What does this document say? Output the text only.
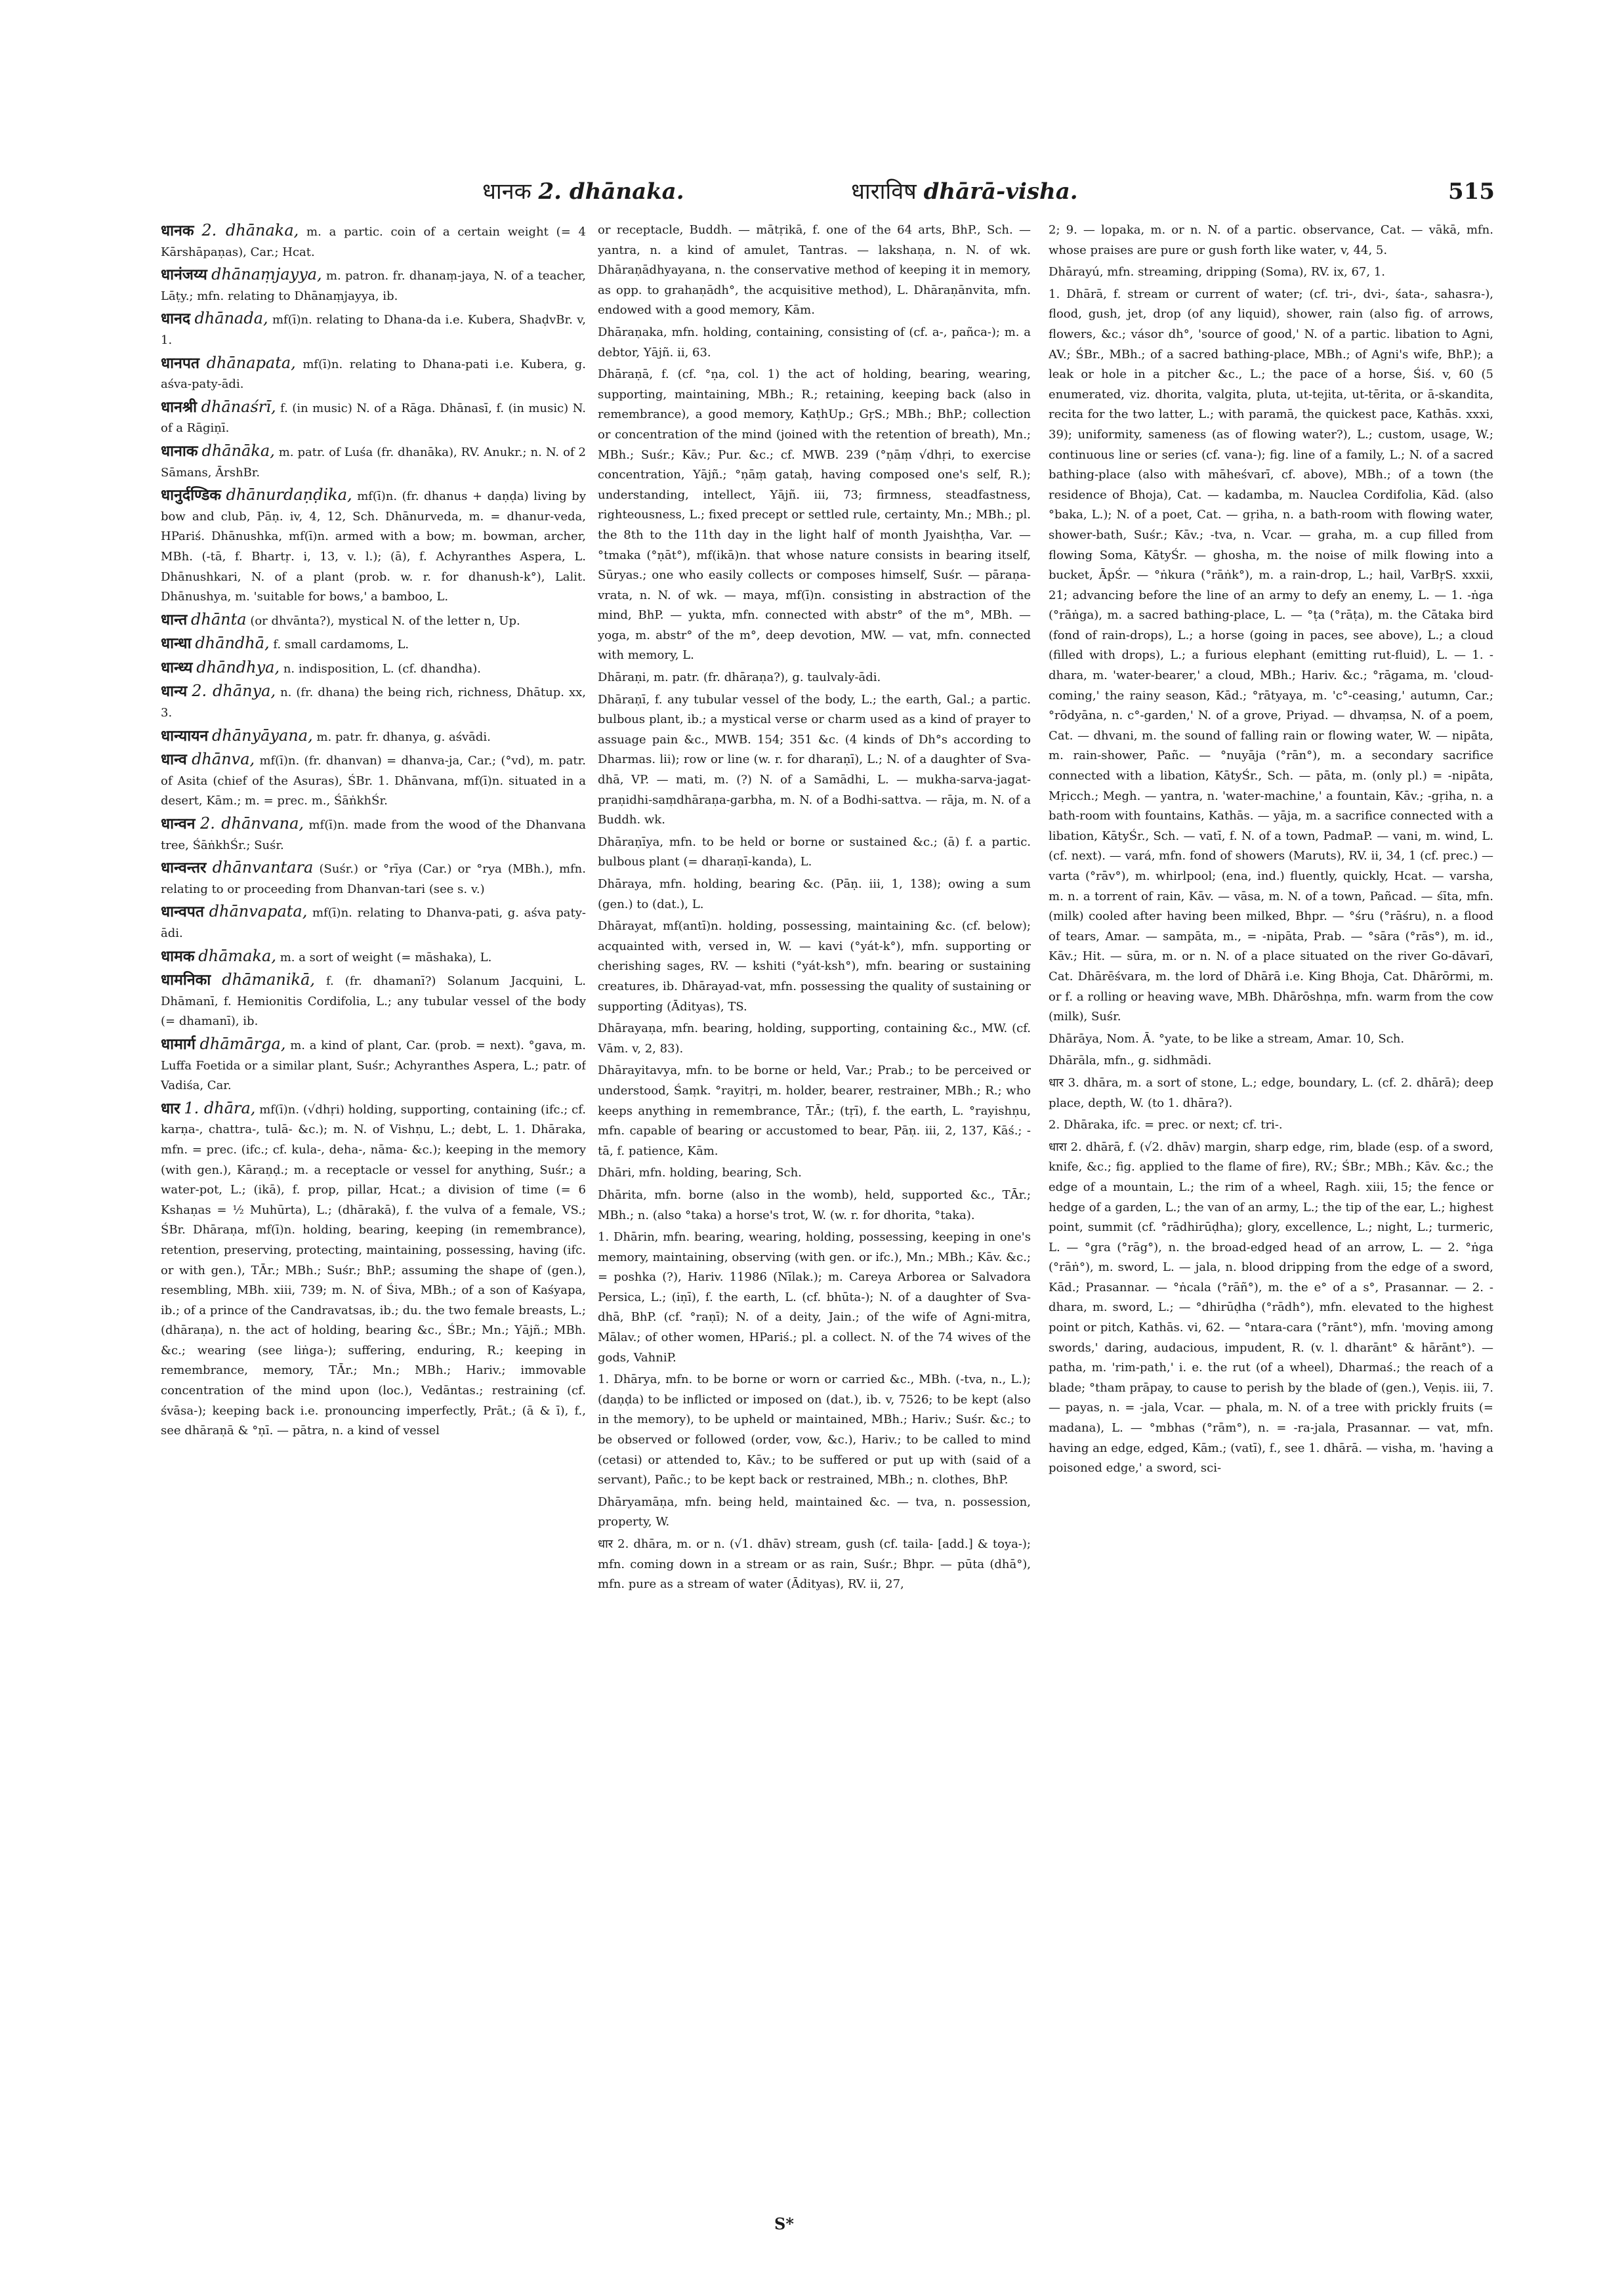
धानक 2. dhānaka.	धाराविष dhārā-visha.	515

धानक 2. dhānaka, m. a partic. coin of a certain weight (= 4 Kārshāpaṇas), Car.; Hcat.

धानंजय्य dhānaṃjayya, m. patron. fr. dhanaṃ-jaya, N. of a teacher, Lāṭy.; mfn. relating to Dhānaṃjayya, ib.

धानद dhānada, mf(ī)n. relating to Dhana-da i.e. Kubera, ShaḍvBr. v, 1.

धानपत dhānapata, mf(ī)n. relating to Dhana-pati i.e. Kubera, g. aśva-paty-ādi.

धानश्री dhānaśrī, f. (in music) N. of a Rāga. Dhānasī, f. (in music) N. of a Rāgiṇī.

धानाक dhānāka, m. patr. of Luśa (fr. dhanāka), RV. Anukr.; n. N. of 2 Sāmans, ĀrshBr.

धानुर्दण्डिक dhānurdaṇḍika, mf(ī)n. (fr. dhanus + daṇḍa) living by bow and club, Pāṇ. iv, 4, 12, Sch. Dhānurveda, m. = dhanur-veda, HPariś. Dhānushka, mf(ī)n. armed with a bow; m. bowman, archer, MBh. (-tā, f. Bhartṛ. i, 13, v. l.); (ā), f. Achyranthes Aspera, L. Dhānushkari, N. of a plant (prob. w. r. for dhanush-k°), Lalit. Dhānushya, m. 'suitable for bows,' a bamboo, L.

धान्त dhānta (or dhvānta?), mystical N. of the letter n, Up.

धान्धा dhāndhā, f. small cardamoms, L.

धान्ध्य dhāndhya, n. indisposition, L. (cf. dhandha).

धान्य 2. dhānya, n. (fr. dhana) the being rich, richness, Dhātup. xx, 3.

धान्यायन dhānyāyana, m. patr. fr. dhanya, g. aśvādi.

धान्व dhānva, mf(ī)n. (fr. dhanvan) = dhanva-ja, Car.; (°vd), m. patr. of Asita (chief of the Asuras), ŚBr. 1. Dhānvana, mf(ī)n. situated in a desert, Kām.; m. = prec. m., ŚāṅkhŚr.

धान्वन 2. dhānvana, mf(ī)n. made from the wood of the Dhanvana tree, ŚāṅkhŚr.; Suśr.

धान्वन्तर dhānvantara (Suśr.) or °rīya (Car.) or °rya (MBh.), mfn. relating to or proceeding from Dhanvan-tari (see s. v.)

धान्वपत dhānvapata, mf(ī)n. relating to Dhanva-pati, g. aśva paty-ādi.

धामक dhāmaka, m. a sort of weight (= māshaka), L.

धामनिका dhāmanikā, f. (fr. dhamanī?) Solanum Jacquini, L. Dhāmanī, f. Hemionitis Cordifolia, L.; any tubular vessel of the body (= dhamanī), ib.

धामार्ग dhāmārga, m. a kind of plant, Car. (prob. = next). °gava, m. Luffa Foetida or a similar plant, Suśr.; Achyranthes Aspera, L.; patr. of Vadiśa, Car.

धार 1. dhāra, mf(ī)n. (√dhṛi) holding, supporting, containing (ifc.; cf. karṇa-, chattra-, tulā- &c.); m. N. of Vishṇu, L.; debt, L. 1. Dhāraka, mfn. = prec. (ifc.; cf. kula-, deha-, nāma- &c.); keeping in the memory (with gen.), Kāraṇḍ.; m. a receptacle or vessel for anything, Suśr.; a water-pot, L.; (ikā), f. prop, pillar, Hcat.; a division of time (= 6 Kshaṇas = ½ Muhūrta), L.; (dhārakā), f. the vulva of a female, VS.; ŚBr. Dhāraṇa, mf(ī)n. holding, bearing, keeping (in remembrance), retention, preserving, protecting, maintaining, possessing, having (ifc. or with gen.), TĀr.; MBh.; Suśr.; BhP.; assuming the shape of (gen.), resembling, MBh. xiii, 739; m. N. of Śiva, MBh.; of a son of Kaśyapa, ib.; of a prince of the Candravatsas, ib.; du. the two female breasts, L.; (dhāraṇa), n. the act of holding, bearing &c., ŚBr.; Mn.; Yājñ.; MBh. &c.; wearing (see liṅga-); suffering, enduring, R.; keeping in remembrance, memory, TĀr.; Mn.; MBh.; Hariv.; immovable concentration of the mind upon (loc.), Vedāntas.; restraining (cf. śvāsa-); keeping back i.e. pronouncing imperfectly, Prāt.; (ā & ī), f., see dhāraṇā & °ṇī. — pātra, n. a kind of vessel

or receptacle, Buddh. — mātṛikā, f. one of the 64 arts, BhP., Sch. — yantra, n. a kind of amulet, Tantras. — lakshaṇa, n. N. of wk. Dhāraṇādhyayana, n. the conservative method of keeping it in memory, as opp. to grahaṇādh°, the acquisitive method), L. Dhāraṇānvita, mfn. endowed with a good memory, Kām.

Dhāraṇaka, mfn. holding, containing, consisting of (cf. a-, pañca-); m. a debtor, Yājñ. ii, 63.

Dhāraṇā, f. (cf. °ṇa, col. 1) the act of holding, bearing, wearing, supporting, maintaining, MBh.; R.; retaining, keeping back (also in remembrance), a good memory, KaṭhUp.; GṛS.; MBh.; BhP.; collection or concentration of the mind (joined with the retention of breath), Mn.; MBh.; Suśr.; Kāv.; Pur. &c.; cf. MWB. 239 (°ṇāṃ √dhṛi, to exercise concentration, Yājñ.; °ṇāṃ gataḥ, having composed one's self, R.); understanding, intellect, Yājñ. iii, 73; firmness, steadfastness, righteousness, L.; fixed precept or settled rule, certainty, Mn.; MBh.; pl. the 8th to the 11th day in the light half of month Jyaishṭha, Var. — °tmaka (°ṇāt°), mf(ikā)n. that whose nature consists in bearing itself, Sūryas.; one who easily collects or composes himself, Suśr. — pāraṇa-vrata, n. N. of wk. — maya, mf(ī)n. consisting in abstraction of the mind, BhP. — yukta, mfn. connected with abstr° of the m°, MBh. — yoga, m. abstr° of the m°, deep devotion, MW. — vat, mfn. connected with memory, L.

Dhāraṇi, m. patr. (fr. dhāraṇa?), g. taulvaly-ādi.

Dhāraṇī, f. any tubular vessel of the body, L.; the earth, Gal.; a partic. bulbous plant, ib.; a mystical verse or charm used as a kind of prayer to assuage pain &c., MWB. 154; 351 &c. (4 kinds of Dh°s according to Dharmas. lii); row or line (w. r. for dharaṇī), L.; N. of a daughter of Sva-dhā, VP. — mati, m. (?) N. of a Samādhi, L. — mukha-sarva-jagat-praṇidhi-saṃdhāraṇa-garbha, m. N. of a Bodhi-sattva. — rāja, m. N. of a Buddh. wk.

Dhāraṇīya, mfn. to be held or borne or sustained &c.; (ā) f. a partic. bulbous plant (= dharaṇī-kanda), L.

Dhāraya, mfn. holding, bearing &c. (Pāṇ. iii, 1, 138); owing a sum (gen.) to (dat.), L.

Dhārayat, mf(antī)n. holding, possessing, maintaining &c. (cf. below); acquainted with, versed in, W. — kavi (°yát-k°), mfn. supporting or cherishing sages, RV. — kshiti (°yát-ksh°), mfn. bearing or sustaining creatures, ib. Dhārayad-vat, mfn. possessing the quality of sustaining or supporting (Ādityas), TS.

Dhārayaṇa, mfn. bearing, holding, supporting, containing &c., MW. (cf. Vām. v, 2, 83).

Dhārayitavya, mfn. to be borne or held, Var.; Prab.; to be perceived or understood, Śaṃk. °rayitṛi, m. holder, bearer, restrainer, MBh.; R.; who keeps anything in remembrance, TĀr.; (tṛī), f. the earth, L. °rayishṇu, mfn. capable of bearing or accustomed to bear, Pāṇ. iii, 2, 137, Kāś.; -tā, f. patience, Kām.

Dhāri, mfn. holding, bearing, Sch.

Dhārita, mfn. borne (also in the womb), held, supported &c., TĀr.; MBh.; n. (also °taka) a horse's trot, W. (w. r. for dhorita, °taka).

1. Dhārin, mfn. bearing, wearing, holding, possessing, keeping in one's memory, maintaining, observing (with gen. or ifc.), Mn.; MBh.; Kāv. &c.; = poshka (?), Hariv. 11986 (Nīlak.); m. Careya Arborea or Salvadora Persica, L.; (iṇī), f. the earth, L. (cf. bhūta-); N. of a daughter of Sva-dhā, BhP. (cf. °raṇī); N. of a deity, Jain.; of the wife of Agni-mitra, Mālav.; of other women, HPariś.; pl. a collect. N. of the 74 wives of the gods, VahniP.

1. Dhārya, mfn. to be borne or worn or carried &c., MBh. (-tva, n., L.); (daṇḍa) to be inflicted or imposed on (dat.), ib. v, 7526; to be kept (also in the memory), to be upheld or maintained, MBh.; Hariv.; Suśr. &c.; to be observed or followed (order, vow, &c.), Hariv.; to be called to mind (cetasi) or attended to, Kāv.; to be suffered or put up with (said of a servant), Pañc.; to be kept back or restrained, MBh.; n. clothes, BhP.

Dhāryamāṇa, mfn. being held, maintained &c. — tva, n. possession, property, W.

धार 2. dhāra, m. or n. (√1. dhāv) stream, gush (cf. taila- [add.] & toya-); mfn. coming down in a stream or as rain, Suśr.; Bhpr. — pūta (dhā°), mfn. pure as a stream of water (Ādityas), RV. ii, 27,

2; 9. — lopaka, m. or n. N. of a partic. observance, Cat. — vākā, mfn. whose praises are pure or gush forth like water, v, 44, 5.

Dhārayú, mfn. streaming, dripping (Soma), RV. ix, 67, 1.

1. Dhārā, f. stream or current of water; (cf. tri-, dvi-, śata-, sahasra-), flood, gush, jet, drop (of any liquid), shower, rain (also fig. of arrows, flowers, &c.; vásor dh°, 'source of good,' N. of a partic. libation to Agni, AV.; ŚBr., MBh.; of a sacred bathing-place, MBh.; of Agni's wife, BhP.); a leak or hole in a pitcher &c., L.; the pace of a horse, Śiś. v, 60 (5 enumerated, viz. dhorita, valgita, pluta, ut-tejita, ut-tērita, or ā-skandita, recita for the two latter, L.; with paramā, the quickest pace, Kathās. xxxi, 39); uniformity, sameness (as of flowing water?), L.; custom, usage, W.; continuous line or series (cf. vana-); fig. line of a family, L.; N. of a sacred bathing-place (also with māheśvarī, cf. above), MBh.; of a town (the residence of Bhoja), Cat. — kadamba, m. Nauclea Cordifolia, Kād. (also °baka, L.); N. of a poet, Cat. — gṛiha, n. a bath-room with flowing water, shower-bath, Suśr.; Kāv.; -tva, n. Vcar. — graha, m. a cup filled from flowing Soma, KātyŚr. — ghosha, m. the noise of milk flowing into a bucket, ĀpŚr. — °ṅkura (°rāṅk°), m. a rain-drop, L.; hail, VarBṛS. xxxii, 21; advancing before the line of an army to defy an enemy, L. — 1. -ṅga (°rāṅga), m. a sacred bathing-place, L. — °ṭa (°rāṭa), m. the Cātaka bird (fond of rain-drops), L.; a horse (going in paces, see above), L.; a cloud (filled with drops), L.; a furious elephant (emitting rut-fluid), L. — 1. -dhara, m. 'water-bearer,' a cloud, MBh.; Hariv. &c.; °rāgama, m. 'cloud-coming,' the rainy season, Kād.; °rātyaya, m. 'c°-ceasing,' autumn, Car.; °rōdyāna, n. c°-garden,' N. of a grove, Priyad. — dhvaṃsa, N. of a poem, Cat. — dhvani, m. the sound of falling rain or flowing water, W. — nipāta, m. rain-shower, Pañc. — °nuyāja (°rān°), m. a secondary sacrifice connected with a libation, KātyŚr., Sch. — pāta, m. (only pl.) = -nipāta, Mṛicch.; Megh. — yantra, n. 'water-machine,' a fountain, Kāv.; -gṛiha, n. a bath-room with fountains, Kathās. — yāja, m. a sacrifice connected with a libation, KātyŚr., Sch. — vatī, f. N. of a town, PadmaP. — vani, m. wind, L. (cf. next). — vará, mfn. fond of showers (Maruts), RV. ii, 34, 1 (cf. prec.) — varta (°rāv°), m. whirlpool; (ena, ind.) fluently, quickly, Hcat. — varsha, m. n. a torrent of rain, Kāv. — vāsa, m. N. of a town, Pañcad. — śīta, mfn. (milk) cooled after having been milked, Bhpr. — °śru (°rāśru), n. a flood of tears, Amar. — sampāta, m., = -nipāta, Prab. — °sāra (°rās°), m. id., Kāv.; Hit. — sūra, m. or n. N. of a place situated on the river Go-dāvarī, Cat. Dhārēśvara, m. the lord of Dhārā i.e. King Bhoja, Cat. Dhārōrmi, m. or f. a rolling or heaving wave, MBh. Dhārōshṇa, mfn. warm from the cow (milk), Suśr.

Dhārāya, Nom. Ā. °yate, to be like a stream, Amar. 10, Sch.

Dhārāla, mfn., g. sidhmādi.

धार 3. dhāra, m. a sort of stone, L.; edge, boundary, L. (cf. 2. dhārā); deep place, depth, W. (to 1. dhāra?).

2. Dhāraka, ifc. = prec. or next; cf. tri-.

धारा 2. dhārā, f. (√2. dhāv) margin, sharp edge, rim, blade (esp. of a sword, knife, &c.; fig. applied to the flame of fire), RV.; ŚBr.; MBh.; Kāv. &c.; the edge of a mountain, L.; the rim of a wheel, Ragh. xiii, 15; the fence or hedge of a garden, L.; the van of an army, L.; the tip of the ear, L.; highest point, summit (cf. °rādhirūḍha); glory, excellence, L.; night, L.; turmeric, L. — °gra (°rāg°), n. the broad-edged head of an arrow, L. — 2. °ṅga (°rāṅ°), m. sword, L. — jala, n. blood dripping from the edge of a sword, Kād.; Prasannar. — °ṅcala (°rāñ°), m. the e° of a s°, Prasannar. — 2. -dhara, m. sword, L.; — °dhirūḍha (°rādh°), mfn. elevated to the highest point or pitch, Kathās. vi, 62. — °ntara-cara (°rānt°), mfn. 'moving among swords,' daring, audacious, impudent, R. (v. l. dharānt° & hārānt°). — patha, m. 'rim-path,' i. e. the rut (of a wheel), Dharmaś.; the reach of a blade; °tham prāpay, to cause to perish by the blade of (gen.), Veṇis. iii, 7. — payas, n. = -jala, Vcar. — phala, m. N. of a tree with prickly fruits (= madana), L. — °mbhas (°rām°), n. = -ra-jala, Prasannar. — vat, mfn. having an edge, edged, Kām.; (vatī), f., see 1. dhārā. — visha, m. 'having a poisoned edge,' a sword, sci-

S*
